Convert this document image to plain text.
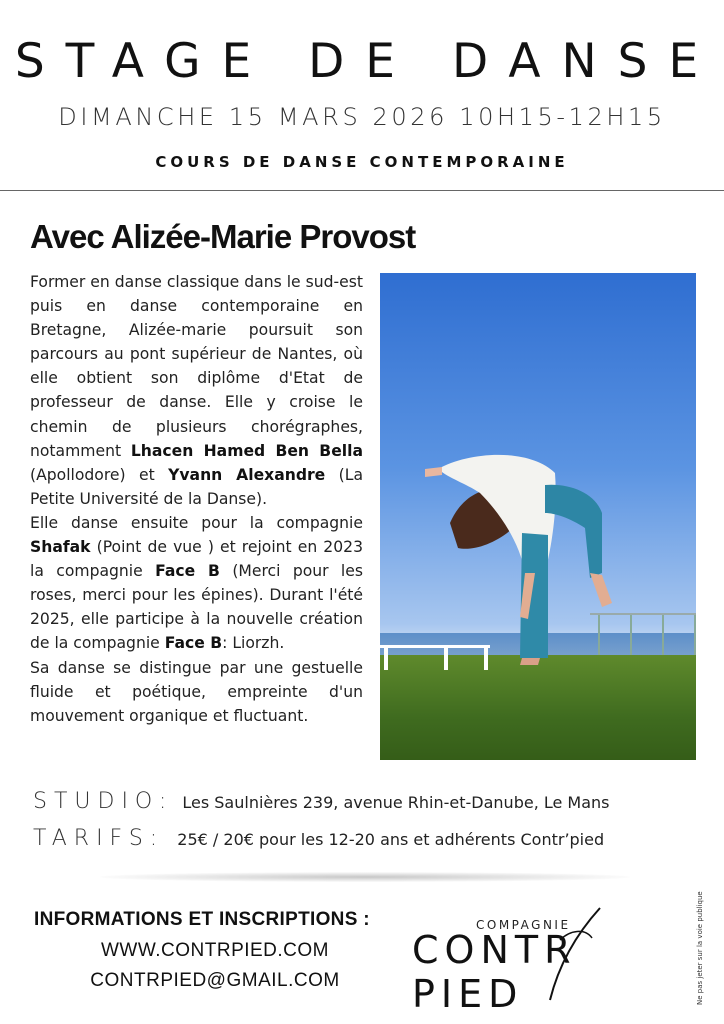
STAGE DE DANSE
DIMANCHE 15 MARS 2026 10H15-12H15
COURS DE DANSE CONTEMPORAINE
Avec Alizée-Marie Provost

Former en danse classique dans le sud-est puis en danse contemporaine en Bretagne, Alizée-marie poursuit son parcours au pont supérieur de Nantes, où elle obtient son diplôme d'Etat de professeur de danse. Elle y croise le chemin de plusieurs chorégraphes, notamment Lhacen Hamed Ben Bella (Apollodore) et Yvann Alexandre (La Petite Université de la Danse).

Elle danse ensuite pour la compagnie Shafak (Point de vue ) et rejoint en 2023 la compagnie Face B (Merci pour les roses, merci pour les épines). Durant l'été 2025, elle participe à la nouvelle création de la compagnie Face B: Liorzh.

Sa danse se distingue par une gestuelle fluide et poétique, empreinte d'un mouvement organique et fluctuant.

STUDIO: Les Saulnières 239, avenue Rhin-et-Danube, Le Mans
TARIFS: 25€ / 20€ pour les 12-20 ans et adhérents Contr’pied
INFORMATIONS ET INSCRIPTIONS :
WWW.CONTRPIED.COM
CONTRPIED@GMAIL.COM
COMPAGNIE
CONTR PIED	Ne pas jeter sur la voie publique
